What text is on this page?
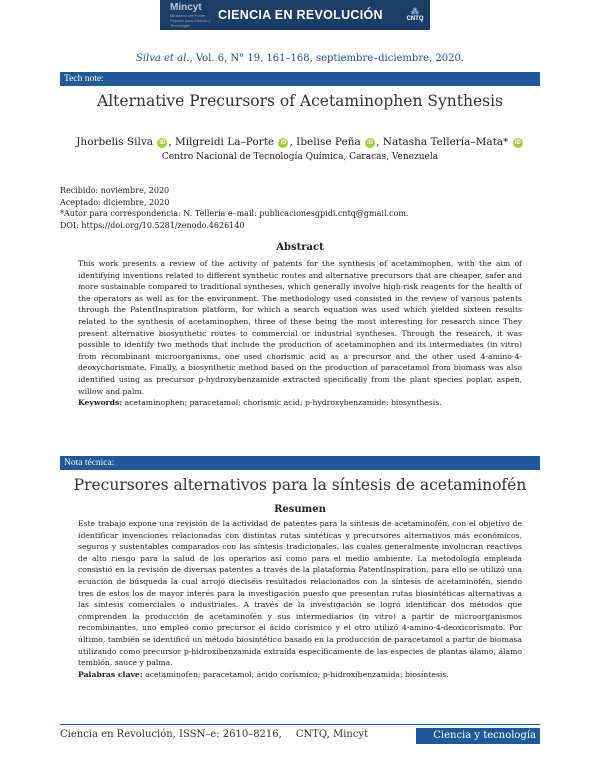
Mincyt
Ministerio del Poder Popular para Ciencia y Tecnología
CIENCIA EN REVOLUCIÓN	⁂
CNTQ
Silva et al., Vol. 6, N° 19, 161–168, septiembre–diciembre, 2020.
Tech note:
Alternative Precursors of Acetaminophen Synthesis
Jhorbelis Silva iD , Milgreidi La–Porte iD , Ibelise Peña iD , Natasha Tellería–Mata* iD
Centro Nacional de Tecnología Química, Caracas, Venezuela
Recibido: noviembre, 2020
Aceptado: diciembre, 2020
*Autor para correspondencia: N. Tellería e–mail: publicacionesgpidi.cntq@gmail.com.
DOI: https://doi.org/10.5281/zenodo.4626140
Abstract

This work presents a review of the activity of patents for the synthesis of acetaminophen, with the aim of identifying inventions related to different synthetic routes and alternative precursors that are cheaper, safer and more sustainable compared to traditional syntheses, which generally involve high-risk reagents for the health of the operators as well as for the environment. The methodology used consisted in the review of various patents through the PatentInspiration platform, for which a search equation was used which yielded sixteen results related to the synthesis of acetaminophen, three of these being the most interesting for research since They present alternative biosynthetic routes to commercial or industrial syntheses. Through the research, it was possible to identify two methods that include the production of acetaminophen and its intermediates (in vitro) from recombinant microorganisms, one used chorismic acid as a precursor and the other used 4-amino-4-deoxychorismate. Finally, a biosynthetic method based on the production of paracetamol from biomass was also identified using as precursor p-hydroxybenzamide extracted specifically from the plant species poplar, aspen, willow and palm.
Keywords: acetaminophen; paracetamol; chorismic acid; p-hydroxybenzamide; biosynthesis.

Nota técnica:
Precursores alternativos para la síntesis de acetaminofén
Resumen

Este trabajo expone una revisión de la actividad de patentes para la síntesis de acetaminofén, con el objetivo de identificar invenciones relacionadas con distintas rutas sintéticas y precursores alternativos más económicos, seguros y sustentables comparados con las síntesis tradicionales, las cuales generalmente involucran reactivos de alto riesgo para la salud de los operarios así como para el medio ambiente. La metodología empleada consistió en la revisión de diversas patentes a través de la plataforma PatentInspiration, para ello se utilizó una ecuación de búsqueda la cual arrojó dieciséis resultados relacionados con la síntesis de acetaminofén, siendo tres de estos los de mayor interés para la investigación puesto que presentan rutas biosintéticas alternativas a las síntesis comerciales o industriales. A través de la investigación se logró identificar dos métodos que comprenden la producción de acetaminofén y sus intermediarios (in vitro) a partir de microorganismos recombinantes, uno empleó como precursor el ácido corísmico y el otro utilizó 4-amino-4-deoxicorismato. Por último, también se identificó un método biosintético basado en la producción de paracetamol a partir de biomasa utilizando como precursor p-hidroxibenzamida extraída específicamente de las especies de plantas álamo, álamo temblón, sauce y palma.
Palabras clave: acetaminofen; paracetamol; ácido corísmico; p-hidroxibenzamida; biosíntesis.

Ciencia en Revolución, ISSN–e: 2610–8216, CNTQ, Mincyt	Ciencia y tecnología 161
